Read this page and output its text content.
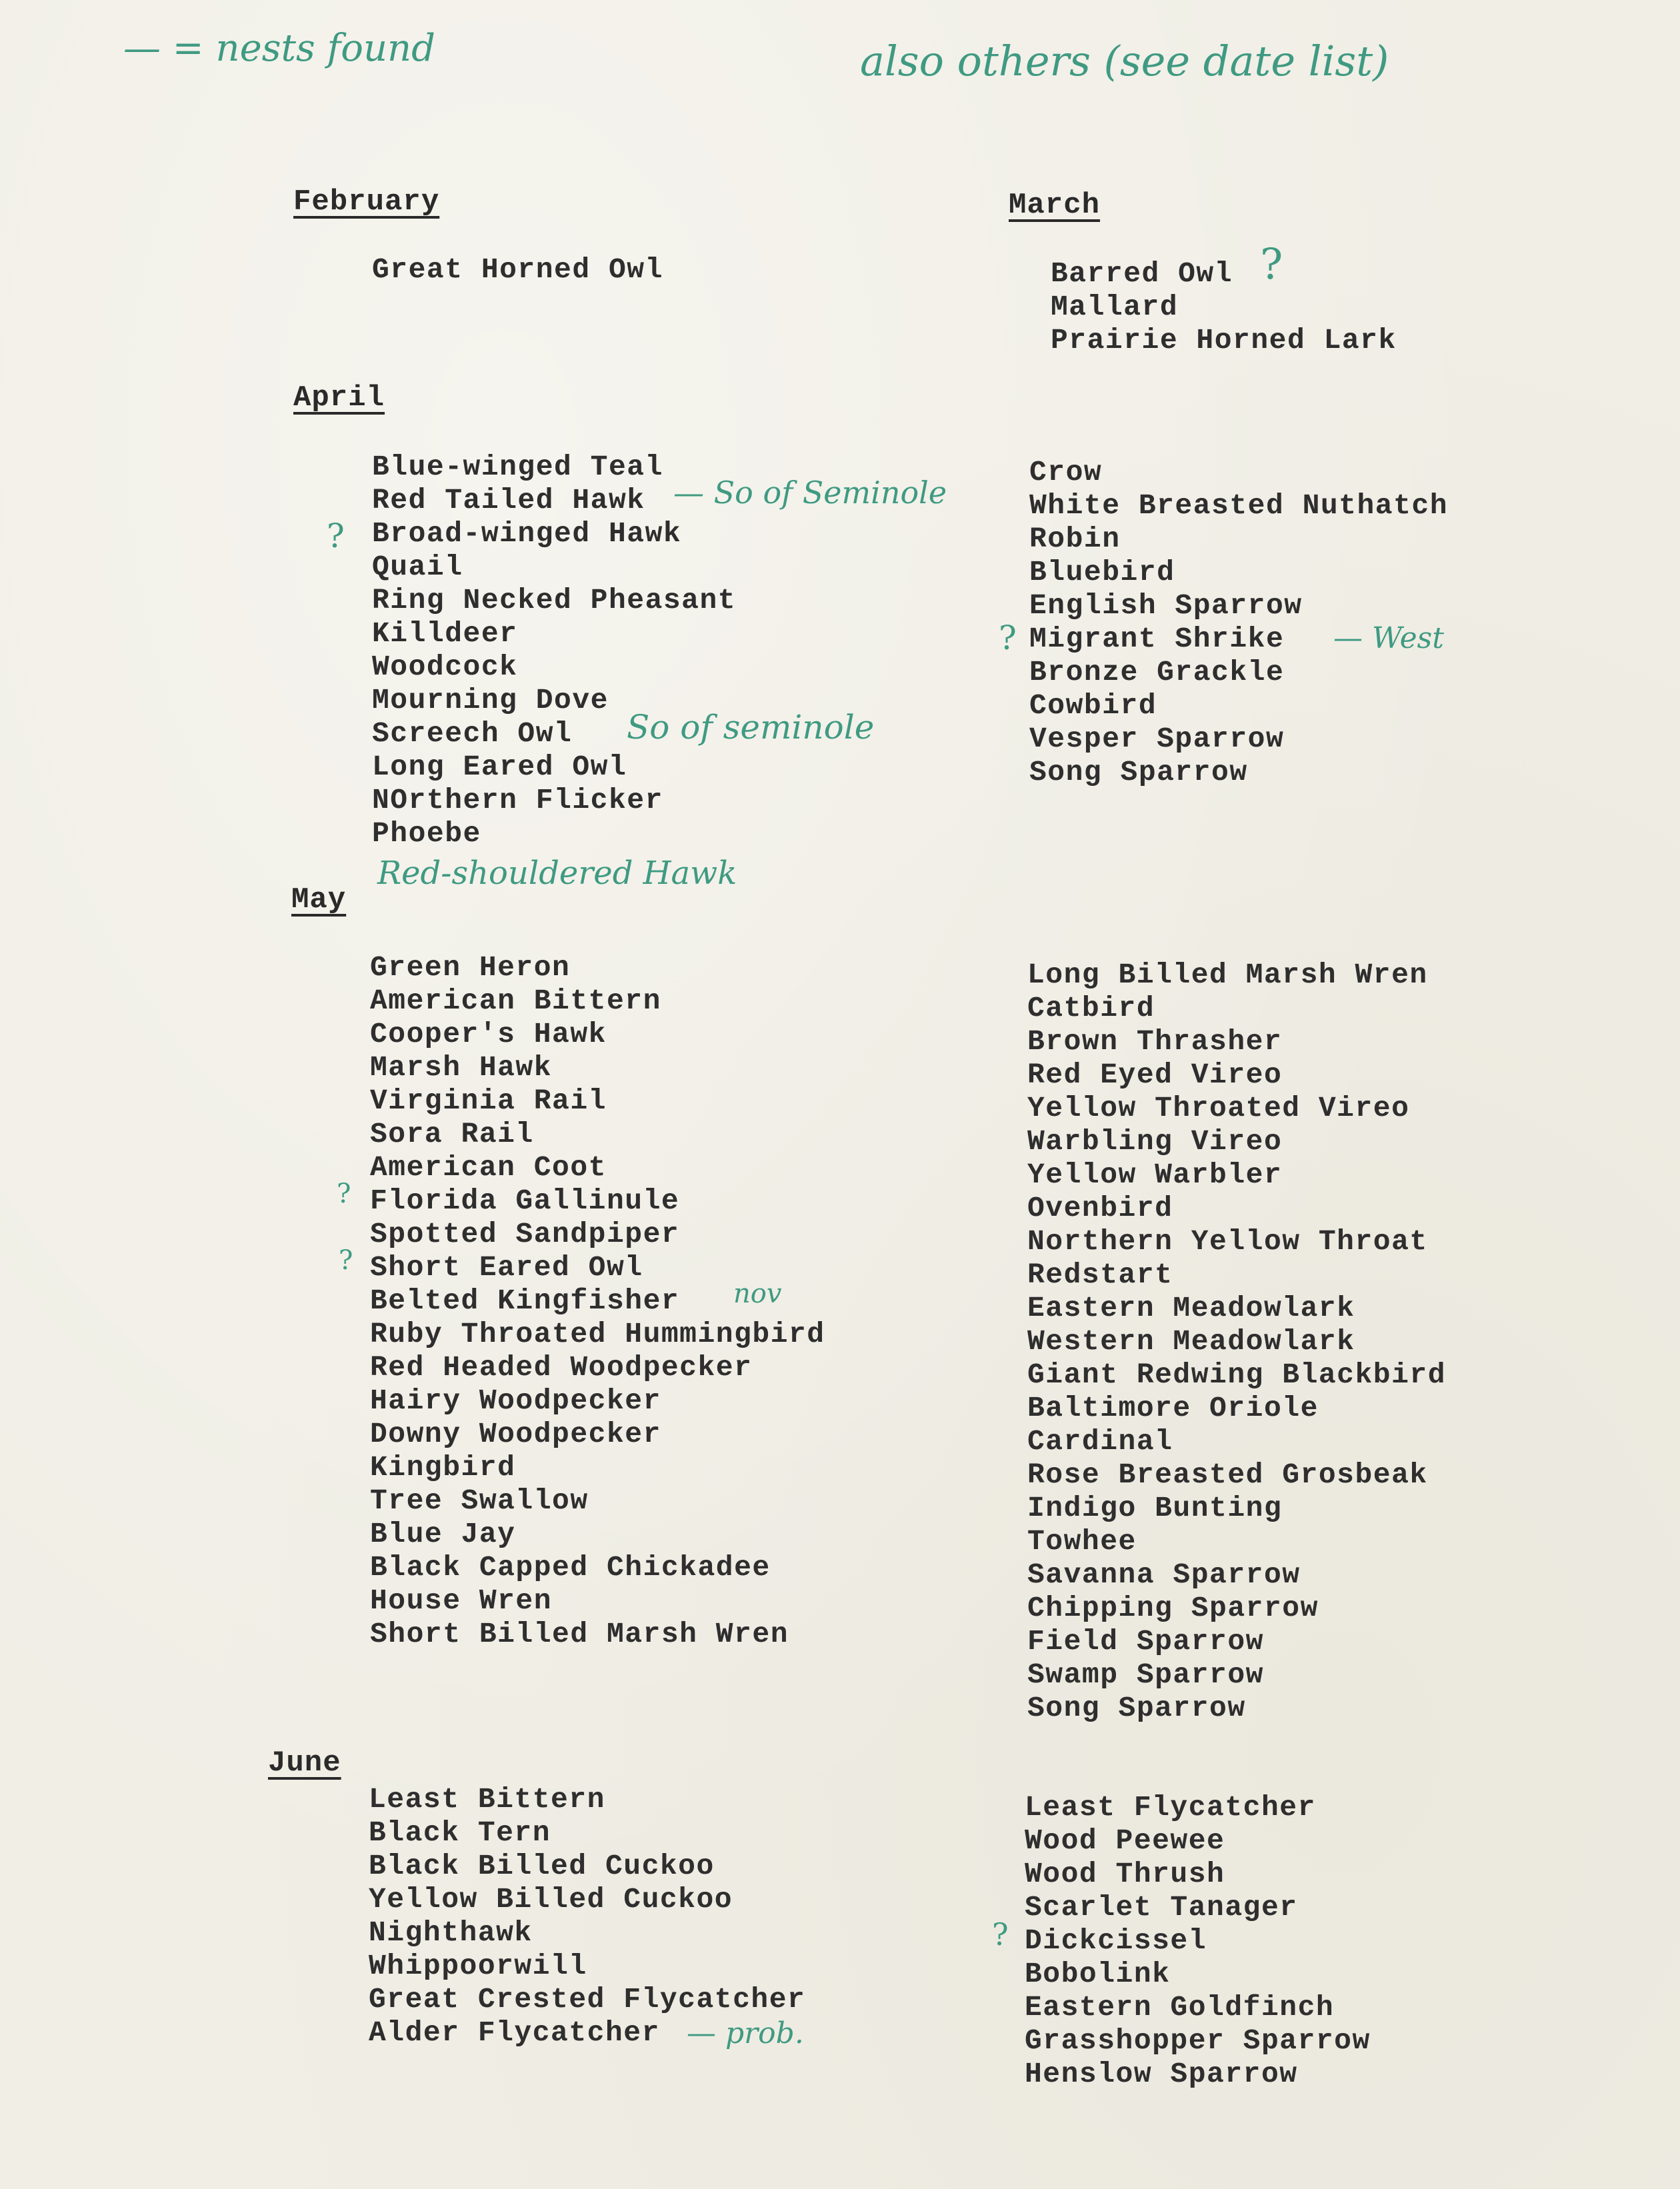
— = nests found	also others (see date list)
February
Great Horned Owl
March
Barred Owl
Mallard
Prairie Horned Lark
?
April
Blue-winged Teal
Red Tailed Hawk
Broad-winged Hawk
Quail
Ring Necked Pheasant
Killdeer
Woodcock
Mourning Dove
Screech Owl
Long Eared Owl
NOrthern Flicker
Phoebe
Crow
White Breasted Nuthatch
Robin
Bluebird
English Sparrow
Migrant Shrike
Bronze Grackle
Cowbird
Vesper Sparrow
Song Sparrow
Red-shouldered Hawk
— So of Seminole
So of seminole
— West
?
?
May
Green Heron
American Bittern
Cooper's Hawk
Marsh Hawk
Virginia Rail
Sora Rail
American Coot
Florida Gallinule
Spotted Sandpiper
Short Eared Owl
Belted Kingfisher
Ruby Throated Hummingbird
Red Headed Woodpecker
Hairy Woodpecker
Downy Woodpecker
Kingbird
Tree Swallow
Blue Jay
Black Capped Chickadee
House Wren
Short Billed Marsh Wren
Long Billed Marsh Wren
Catbird
Brown Thrasher
Red Eyed Vireo
Yellow Throated Vireo
Warbling Vireo
Yellow Warbler
Ovenbird
Northern Yellow Throat
Redstart
Eastern Meadowlark
Western Meadowlark
Giant Redwing Blackbird
Baltimore Oriole
Cardinal
Rose Breasted Grosbeak
Indigo Bunting
Towhee
Savanna Sparrow
Chipping Sparrow
Field Sparrow
Swamp Sparrow
Song Sparrow
?
?
nov
June
Least Bittern
Black Tern
Black Billed Cuckoo
Yellow Billed Cuckoo
Nighthawk
Whippoorwill
Great Crested Flycatcher
Alder Flycatcher
Least Flycatcher
Wood Peewee
Wood Thrush
Scarlet Tanager
Dickcissel
Bobolink
Eastern Goldfinch
Grasshopper Sparrow
Henslow Sparrow
?
— prob.
